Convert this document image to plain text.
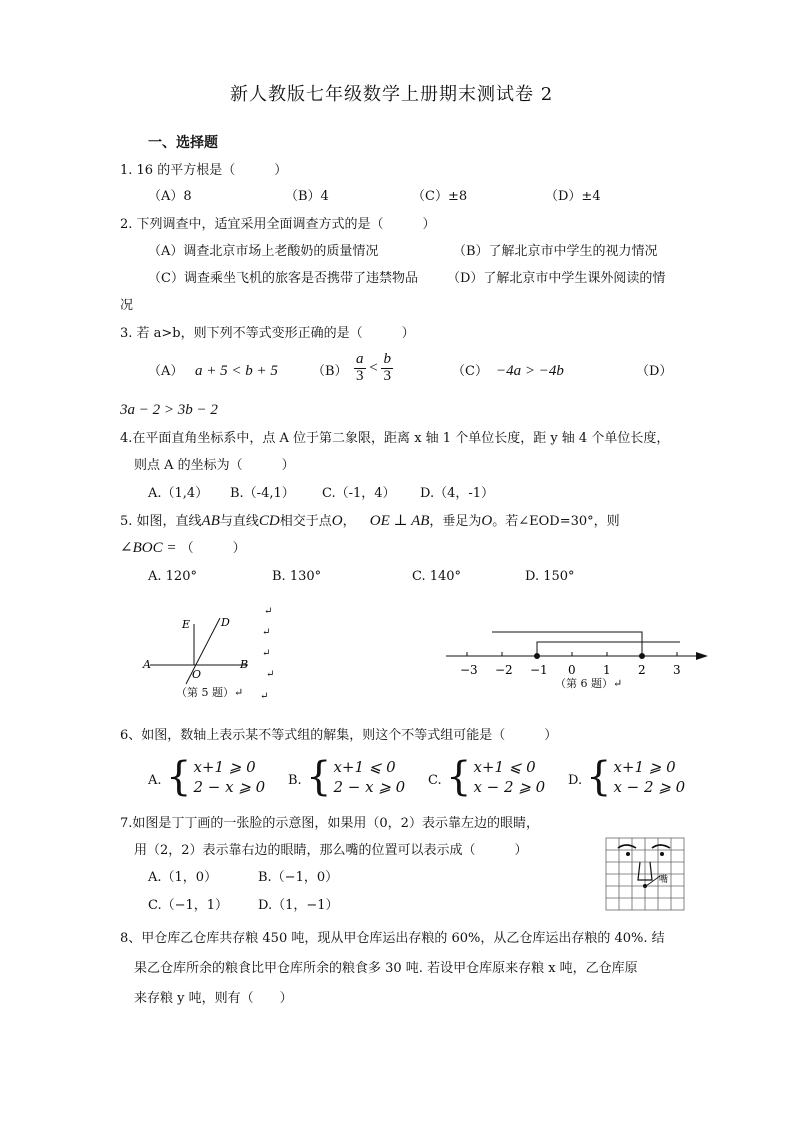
新人教版七年级数学上册期末测试卷 2
一、选择题
1. 16 的平方根是（　　　）
（A）8	（B）4	（C）±8	（D）±4
2. 下列调查中，适宜采用全面调查方式的是（　　　）
（A）调查北京市场上老酸奶的质量情况	（B）了解北京市中学生的视力情况
（C）调查乘坐飞机的旅客是否携带了违禁物品 （D）了解北京市中学生课外阅读的情
况
3. 若 a>b，则下列不等式变形正确的是（　　　）
（A） a + 5 < b + 5	$(B) \frac{a}{3} < \frac{b}{3}$	（C） −4a > −4b	（D）
3a − 2 > 3b − 2
4.在平面直角坐标系中，点 A 位于第二象限，距离 x 轴 1 个单位长度，距 y 轴 4 个单位长度，
则点 A 的坐标为（　　　）
A.（1,4） B.（-4,1） C.（-1，4） D.（4，-1）
5. 如图，直线AB与直线CD相交于点O， OE ⊥ AB，垂足为O。若∠EOD=30°，则
∠BOC = （　　　）
A. 120°	B. 130°	C. 140°	D. 150°
E	D
A
O
B
（第 5 题）↵
↵
↵
↵
↵
↵
−3 −2 −1 0 1 2 3
（第 6 题）↵
6、如图，数轴上表示某不等式组的解集，则这个不等式组可能是（　　　）
A. { x+1 ⩾ 0
2 − x ⩾ 0 B. { x+1 ⩽ 0
2 − x ⩾ 0 C. { x+1 ⩽ 0
x − 2 ⩾ 0 D. { x+1 ⩾ 0
x − 2 ⩾ 0
7.如图是丁丁画的一张脸的示意图，如果用（0，2）表示靠左边的眼睛，
用（2，2）表示靠右边的眼睛，那么嘴的位置可以表示成（　　　）
A.（1，0）	B.（−1，0）
C.（−1，1） D.（1，−1）
嘴
8、甲仓库乙仓库共存粮 450 吨，现从甲仓库运出存粮的 60%，从乙仓库运出存粮的 40%. 结
果乙仓库所余的粮食比甲仓库所余的粮食多 30 吨. 若设甲仓库原来存粮 x 吨，乙仓库原
来存粮 y 吨，则有（　　）
